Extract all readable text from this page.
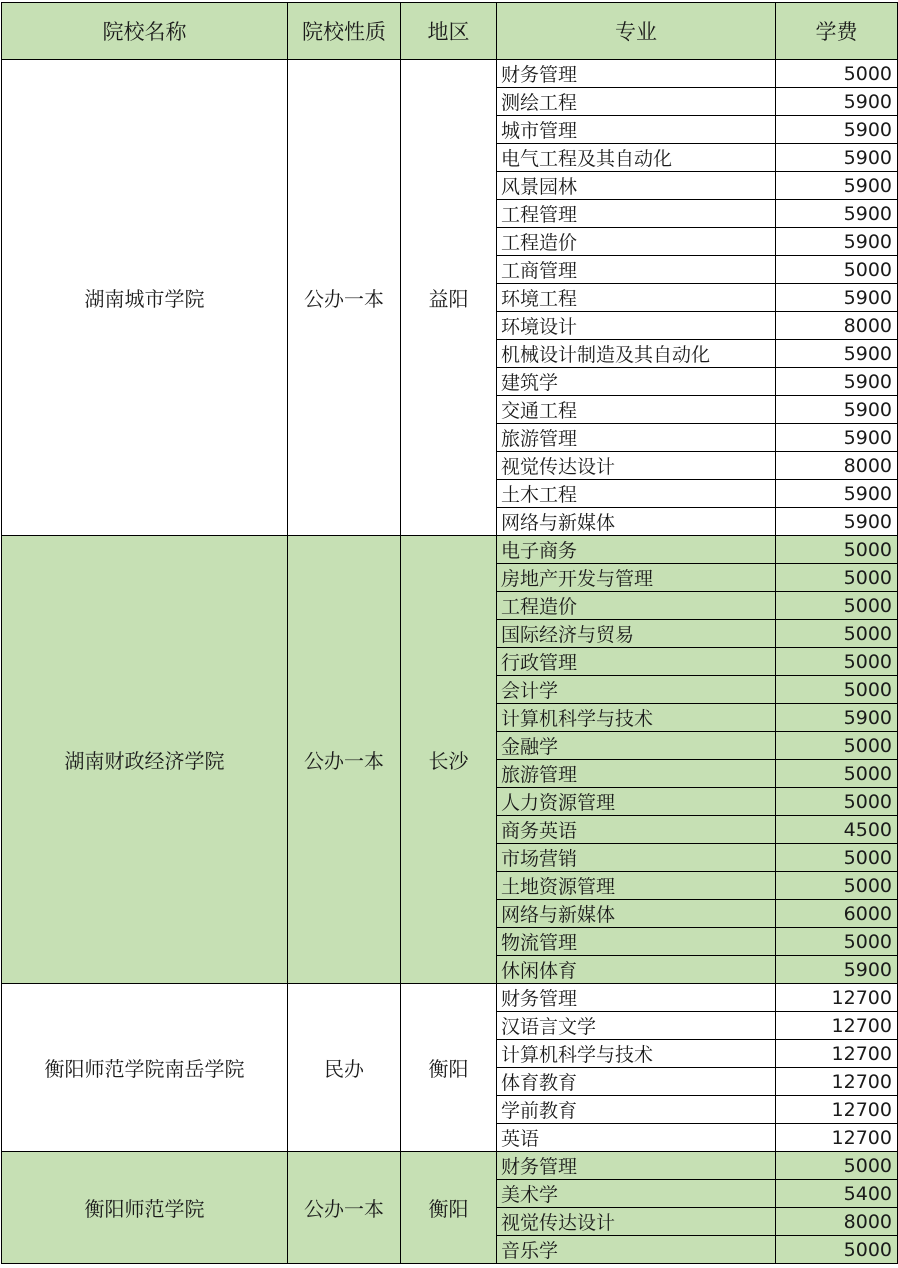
院校名称	院校性质	地区	专业	学费
湖南城市学院	公办一本	益阳	财务管理	5000
			测绘工程	5900
			城市管理	5900
			电气工程及其自动化	5900
			风景园林	5900
			工程管理	5900
			工程造价	5900
			工商管理	5000
			环境工程	5900
			环境设计	8000
			机械设计制造及其自动化	5900
			建筑学	5900
			交通工程	5900
			旅游管理	5900
			视觉传达设计	8000
			土木工程	5900
			网络与新媒体	5900
湖南财政经济学院	公办一本	长沙	电子商务	5000
			房地产开发与管理	5000
			工程造价	5000
			国际经济与贸易	5000
			行政管理	5000
			会计学	5000
			计算机科学与技术	5900
			金融学	5000
			旅游管理	5000
			人力资源管理	5000
			商务英语	4500
			市场营销	5000
			土地资源管理	5000
			网络与新媒体	6000
			物流管理	5000
			休闲体育	5900
衡阳师范学院南岳学院	民办	衡阳	财务管理	12700
			汉语言文学	12700
			计算机科学与技术	12700
			体育教育	12700
			学前教育	12700
			英语	12700
衡阳师范学院	公办一本	衡阳	财务管理	5000
			美术学	5400
			视觉传达设计	8000
			音乐学	5000
